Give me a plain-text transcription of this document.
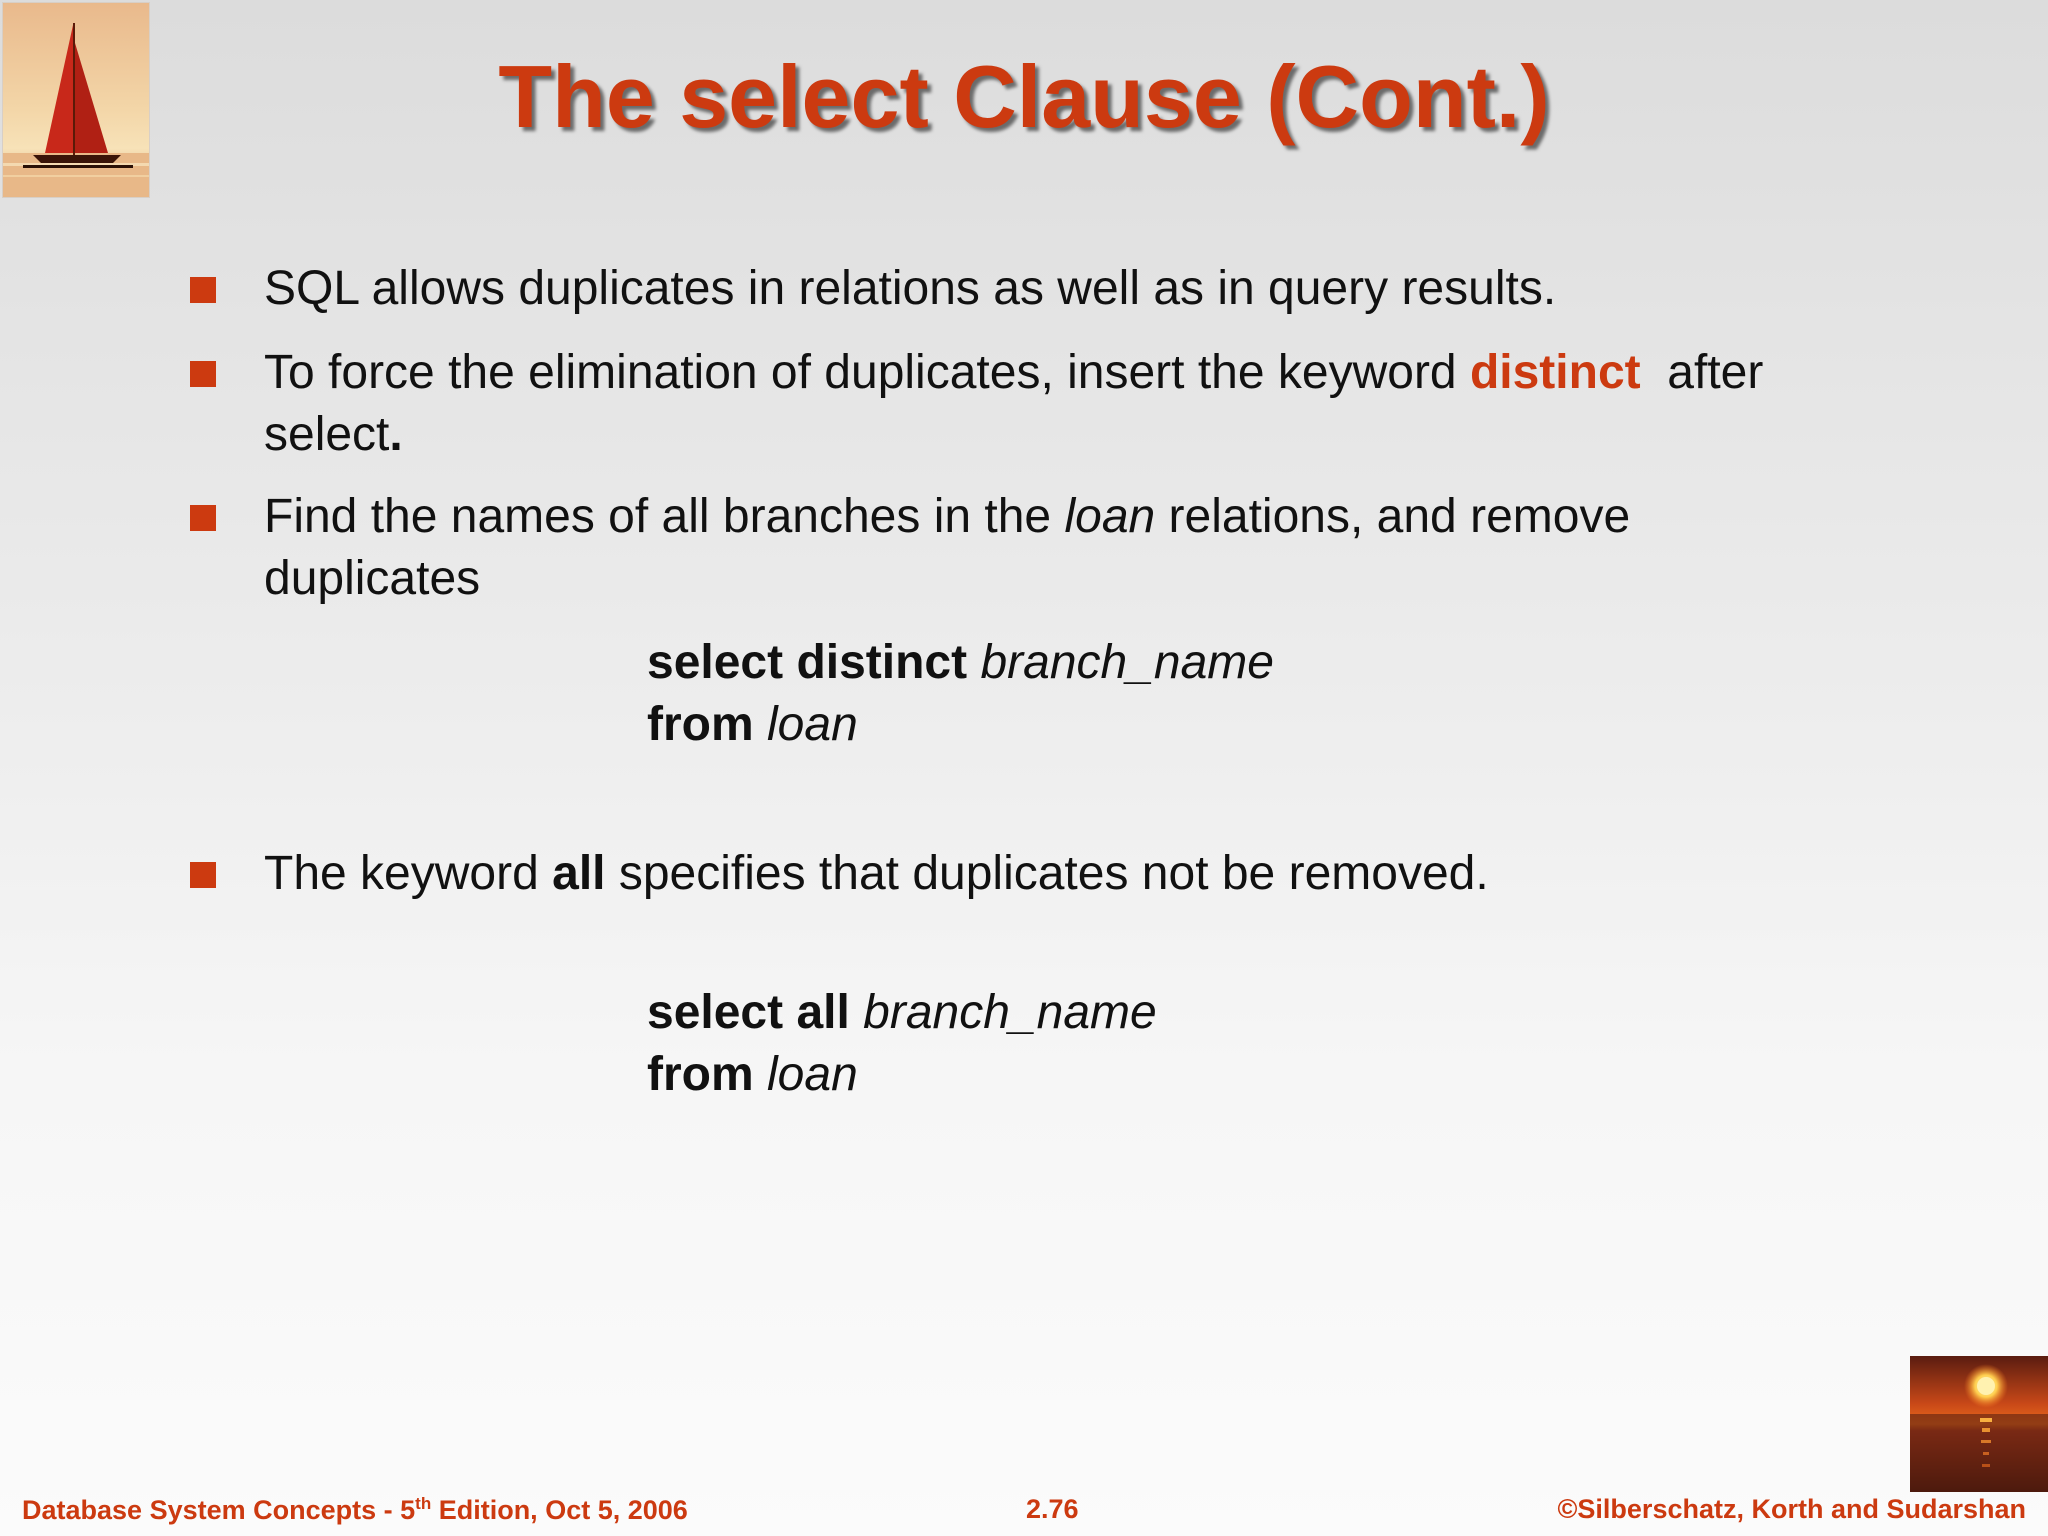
The select Clause (Cont.)
SQL allows duplicates in relations as well as in query results.
To force the elimination of duplicates, insert the keyword distinct  after
select.
Find the names of all branches in the loan relations, and remove
duplicates
select distinct branch_name
from loan
The keyword all specifies that duplicates not be removed.
select all branch_name
from loan
Database System Concepts - 5th Edition, Oct 5, 2006	2.76	©Silberschatz, Korth and Sudarshan
